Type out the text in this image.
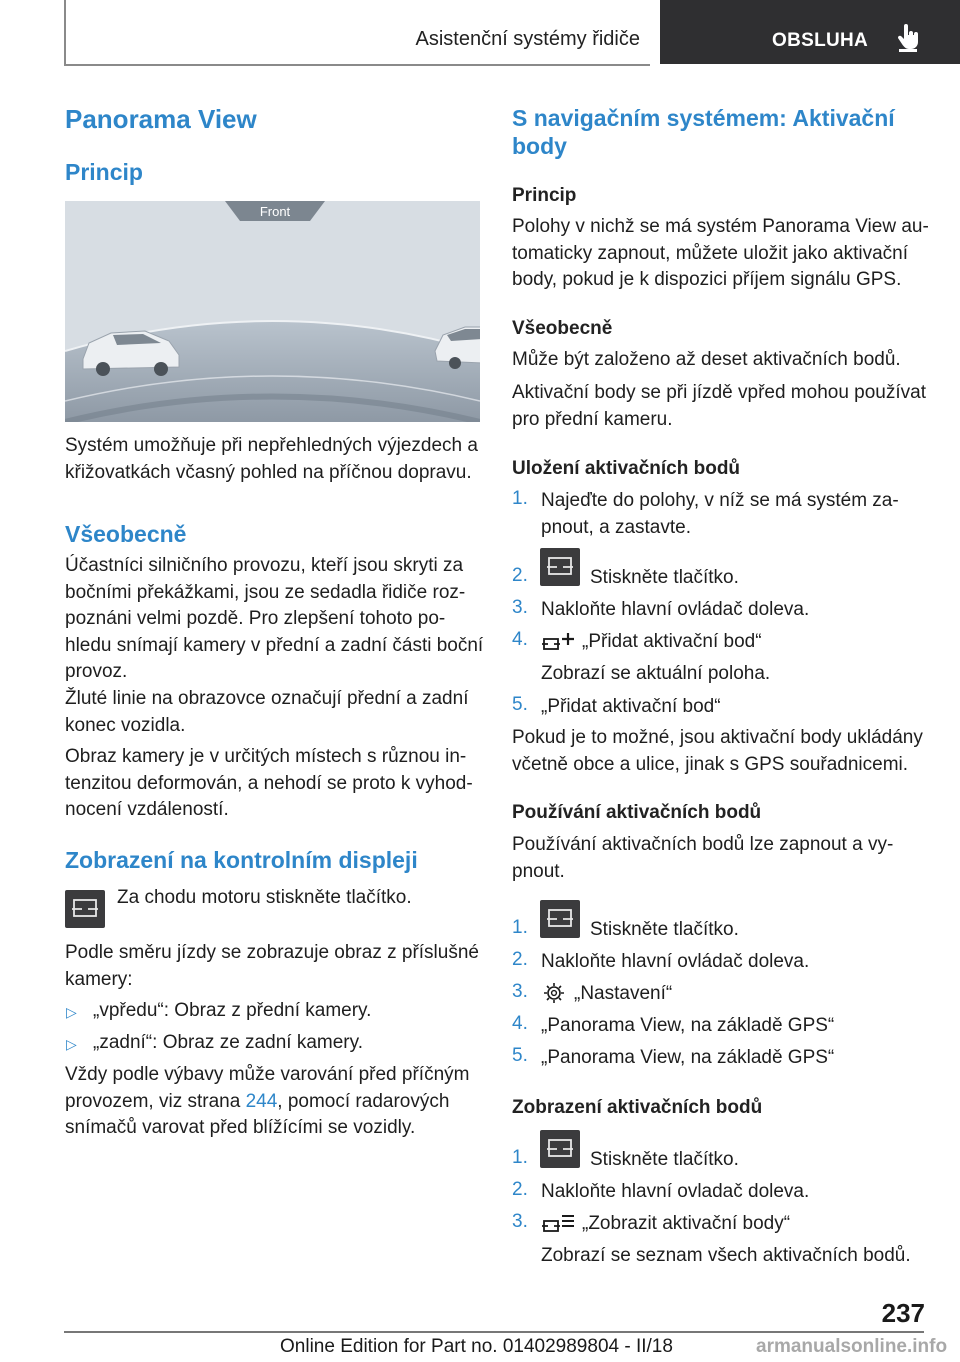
Asistenční systémy řidiče	OBSLUHA
Panorama View
Princip
Front
Systém umožňuje při nepřehledných výjezdech a
křižovatkách včasný pohled na příčnou dopravu.
Všeobecně
Účastníci silničního provozu, kteří jsou skryti za
bočními překážkami, jsou ze sedadla řidiče roz-
poznáni velmi pozdě. Pro zlepšení tohoto po-
hledu snímají kamery v přední a zadní části boční
provoz.
Žluté linie na obrazovce označují přední a zadní
konec vozidla.
Obraz kamery je v určitých místech s různou in-
tenzitou deformován, a nehodí se proto k vyhod-
nocení vzdáleností.
Zobrazení na kontrolním displeji
Za chodu motoru stiskněte tlačítko.
Podle směru jízdy se zobrazuje obraz z příslušné
kamery:
▷ „vpředu“: Obraz z přední kamery.
▷ „zadní“: Obraz ze zadní kamery.
Vždy podle výbavy může varování před příčným
provozem, viz strana 244, pomocí radarových
snímačů varovat před blížícími se vozidly.
S navigačním systémem: Aktivační
body
Princip
Polohy v nichž se má systém Panorama View au-
tomaticky zapnout, můžete uložit jako aktivační
body, pokud je k dispozici příjem signálu GPS.
Všeobecně
Může být založeno až deset aktivačních bodů.
Aktivační body se při jízdě vpřed mohou používat
pro přední kameru.
Uložení aktivačních bodů
1. Najeďte do polohy, v níž se má systém za-
pnout, a zastavte.
2.	Stiskněte tlačítko.
3. Nakloňte hlavní ovládač doleva.
4.	„Přidat aktivační bod“
Zobrazí se aktuální poloha.
5. „Přidat aktivační bod“
Pokud je to možné, jsou aktivační body ukládány
včetně obce a ulice, jinak s GPS souřadnicemi.
Používání aktivačních bodů
Používání aktivačních bodů lze zapnout a vy-
pnout.
1.	Stiskněte tlačítko.
2. Nakloňte hlavní ovládač doleva.
3. „Nastavení“
4. „Panorama View, na základě GPS“
5. „Panorama View, na základě GPS“
Zobrazení aktivačních bodů
1.	Stiskněte tlačítko.
2. Nakloňte hlavní ovladač doleva.
3.	„Zobrazit aktivační body“
Zobrazí se seznam všech aktivačních bodů.
237
Online Edition for Part no. 01402989804 - II/18	armanualsonline.info
